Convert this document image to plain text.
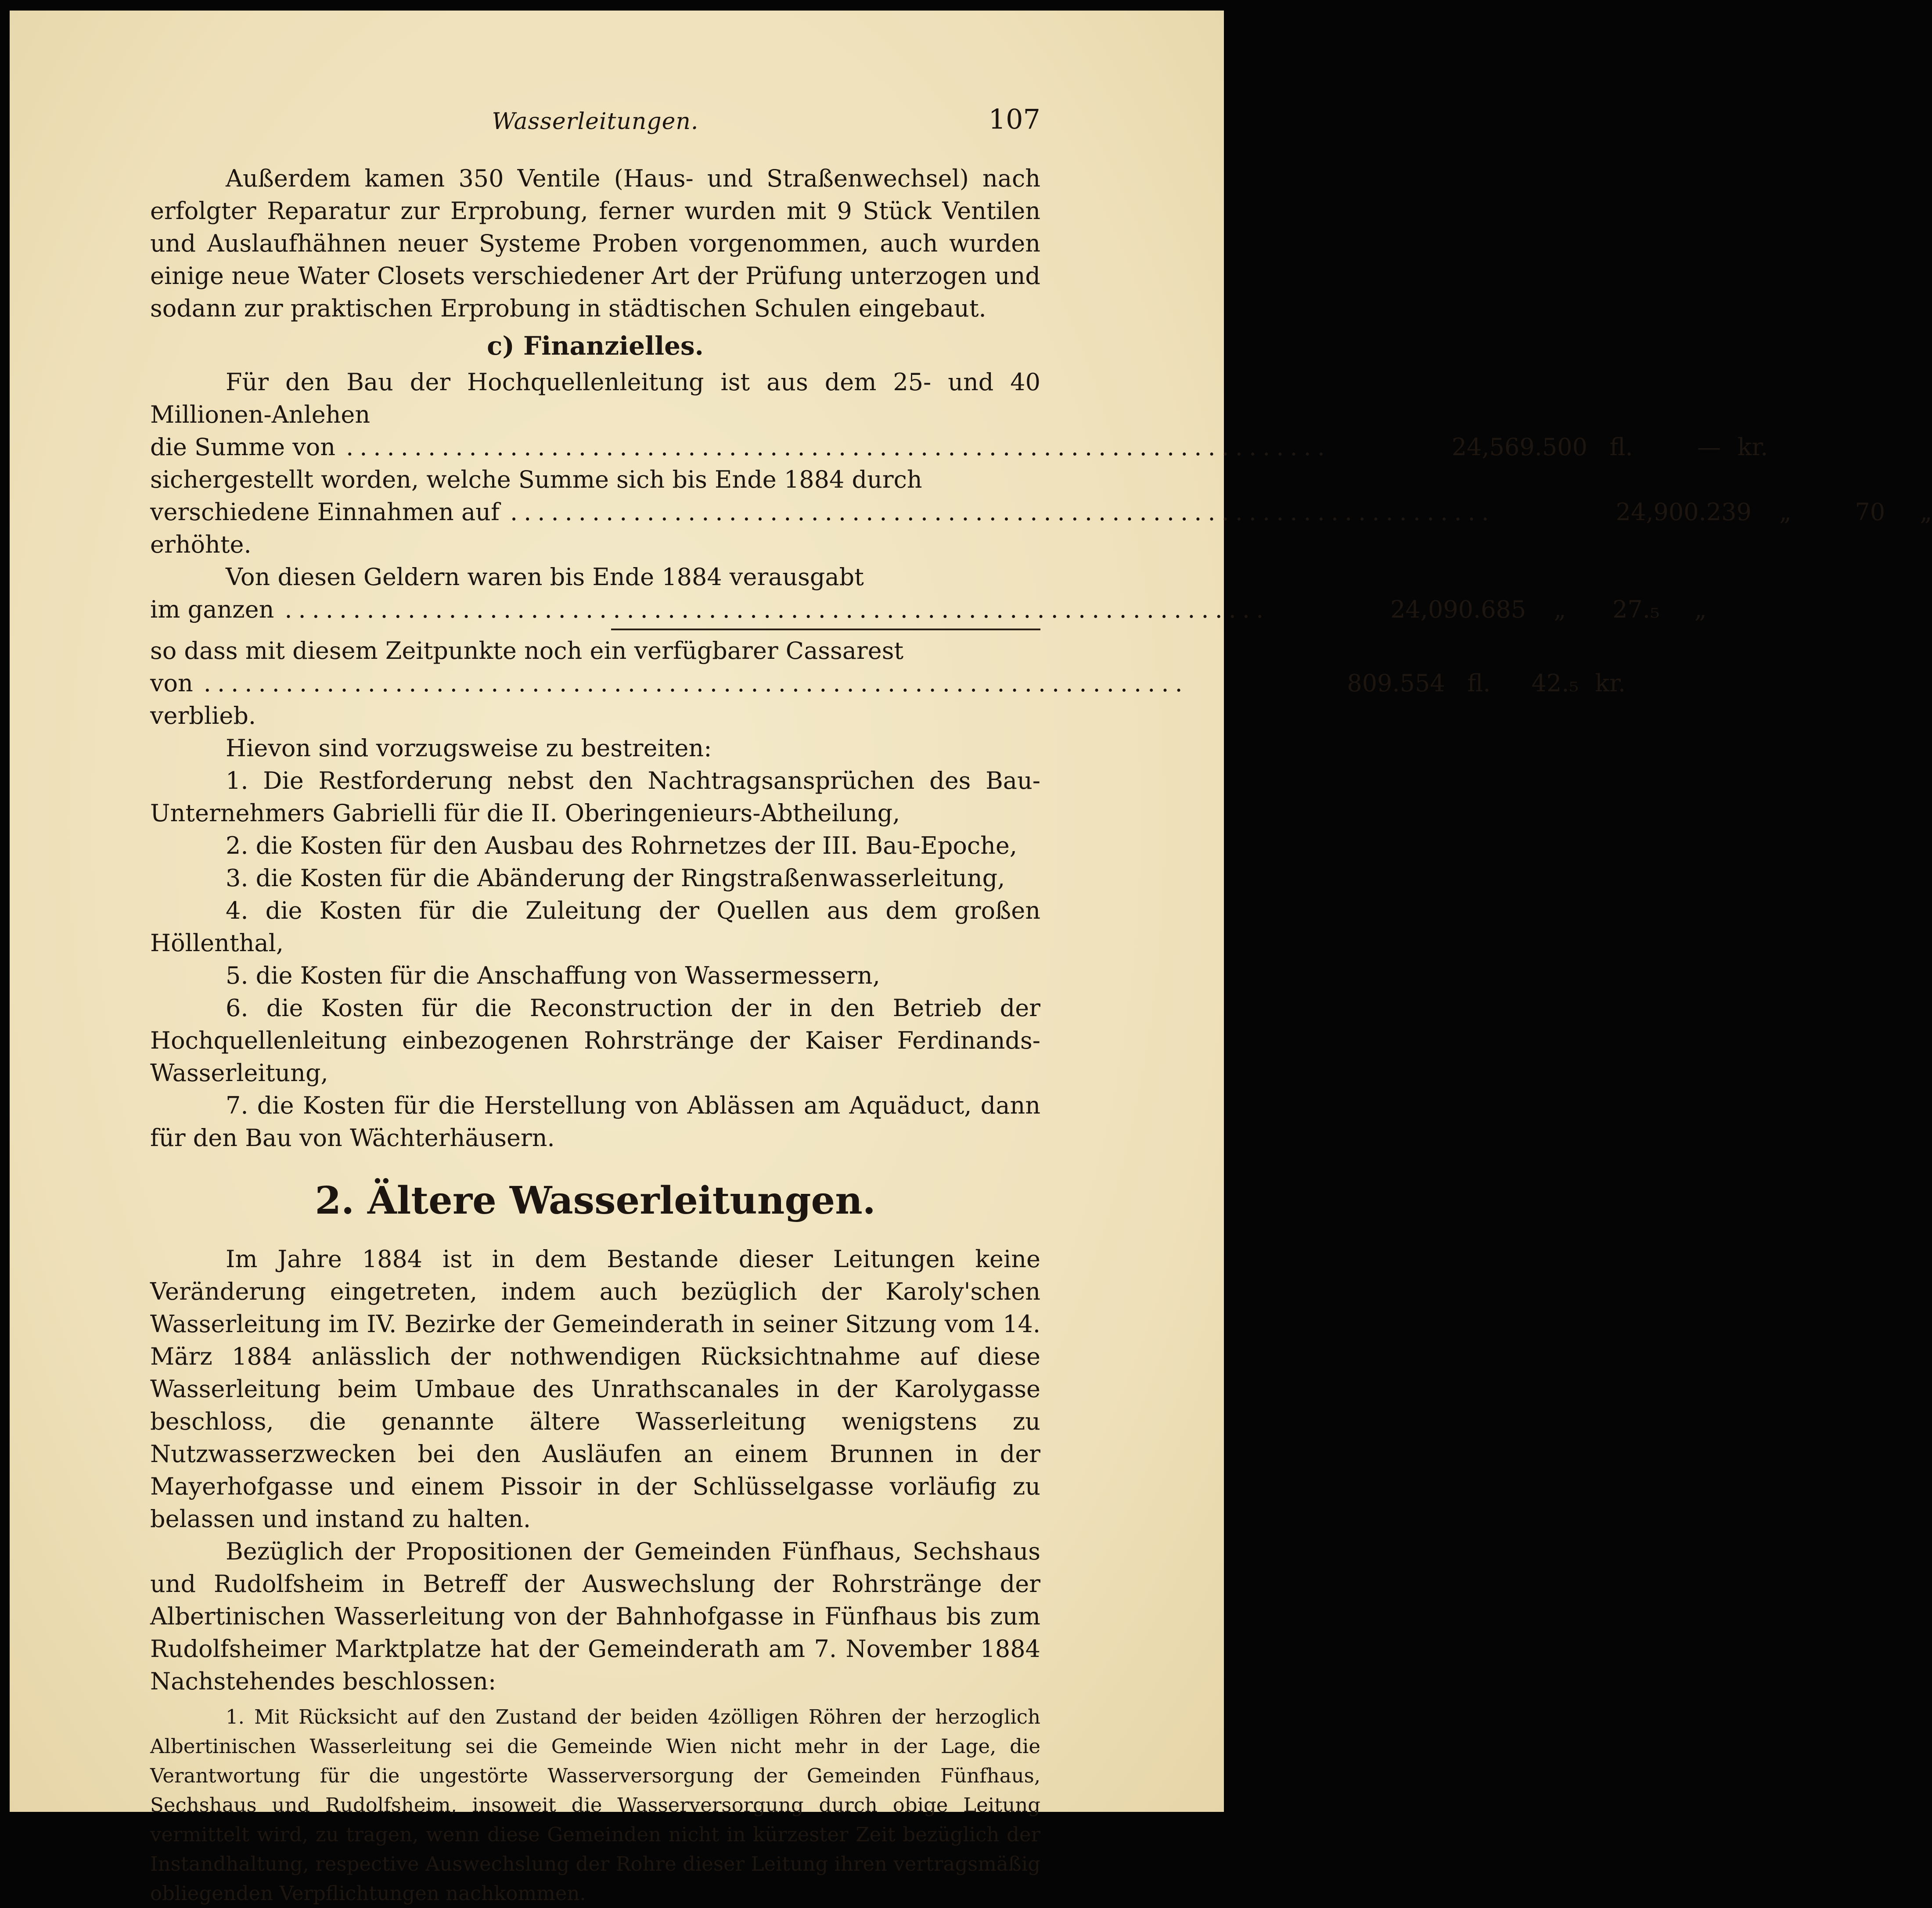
Wasserleitungen.	107

Außerdem kamen 350 Ventile (Haus- und Straßenwechsel) nach erfolgter Reparatur zur Erprobung, ferner wurden mit 9 Stück Ventilen und Auslaufhähnen neuer Systeme Proben vorgenommen, auch wurden einige neue Water Closets verschiedener Art der Prüfung unterzogen und sodann zur praktischen Erprobung in städtischen Schulen eingebaut.

c) Finanzielles.

Für den Bau der Hochquellenleitung ist aus dem 25- und 40 Millionen-Anlehen

die Summe von ........................................................................	24,569.500 fl.	— kr.

sichergestellt worden, welche Summe sich bis Ende 1884 durch

verschiedene Einnahmen auf ........................................................................	24,900.239 „	70 „

erhöhte.

Von diesen Geldern waren bis Ende 1884 verausgabt

im ganzen ........................................................................	24,090.685 „ 27.₅ „

so dass mit diesem Zeitpunkte noch ein verfügbarer Cassarest

von ........................................................................	809.554 fl. 42.₅ kr.

verblieb.

Hievon sind vorzugsweise zu bestreiten:

1. Die Restforderung nebst den Nachtragsansprüchen des Bau-Unternehmers Gabrielli für die II. Oberingenieurs-Abtheilung,

2. die Kosten für den Ausbau des Rohrnetzes der III. Bau-Epoche,

3. die Kosten für die Abänderung der Ringstraßenwasserleitung,

4. die Kosten für die Zuleitung der Quellen aus dem großen Höllenthal,

5. die Kosten für die Anschaffung von Wassermessern,

6. die Kosten für die Reconstruction der in den Betrieb der Hochquellenleitung einbezogenen Rohrstränge der Kaiser Ferdinands-Wasserleitung,

7. die Kosten für die Herstellung von Ablässen am Aquäduct, dann für den Bau von Wächterhäusern.

2. Ältere Wasserleitungen.

Im Jahre 1884 ist in dem Bestande dieser Leitungen keine Veränderung eingetreten, indem auch bezüglich der Karoly'schen Wasserleitung im IV. Bezirke der Gemeinderath in seiner Sitzung vom 14. März 1884 anlässlich der nothwendigen Rücksichtnahme auf diese Wasserleitung beim Umbaue des Unrathscanales in der Karolygasse beschloss, die genannte ältere Wasserleitung wenigstens zu Nutzwasserzwecken bei den Ausläufen an einem Brunnen in der Mayerhofgasse und einem Pissoir in der Schlüsselgasse vorläufig zu belassen und instand zu halten.

Bezüglich der Propositionen der Gemeinden Fünfhaus, Sechshaus und Rudolfsheim in Betreff der Auswechslung der Rohrstränge der Albertinischen Wasserleitung von der Bahnhofgasse in Fünfhaus bis zum Rudolfsheimer Marktplatze hat der Gemeinderath am 7. November 1884 Nachstehendes beschlossen:

1. Mit Rücksicht auf den Zustand der beiden 4zölligen Röhren der herzoglich Albertinischen Wasserleitung sei die Gemeinde Wien nicht mehr in der Lage, die Verantwortung für die ungestörte Wasserversorgung der Gemeinden Fünfhaus, Sechshaus und Rudolfsheim, insoweit die Wasserversorgung durch obige Leitung vermittelt wird, zu tragen, wenn diese Gemeinden nicht in kürzester Zeit bezüglich der Instandhaltung, respective Auswechslung der Rohre dieser Leitung ihren vertragsmäßig obliegenden Verpflichtungen nachkommen.
